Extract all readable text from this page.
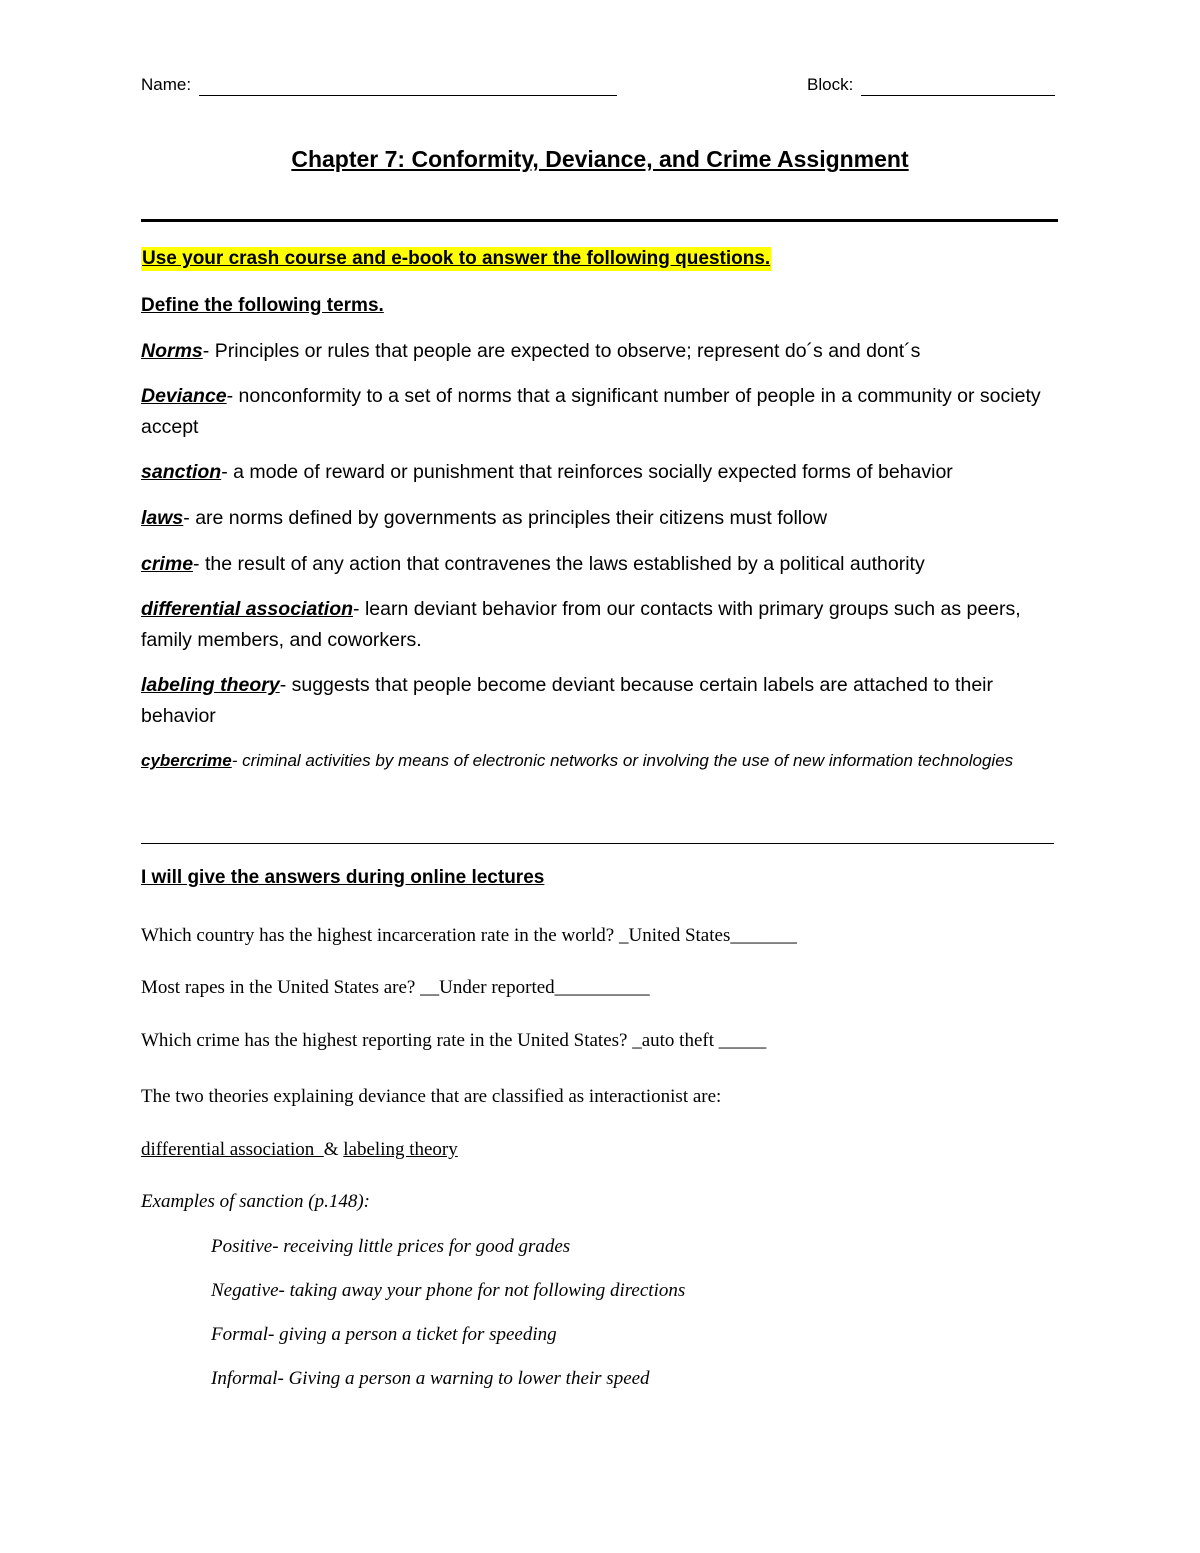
Name:	Block:
Chapter 7: Conformity, Deviance, and Crime Assignment
Use your crash course and e-book to answer the following questions.
Define the following terms.
Norms- Principles or rules that people are expected to observe; represent do´s and dont´s
Deviance- nonconformity to a set of norms that a significant number of people in a community or society accept
sanction- a mode of reward or punishment that reinforces socially expected forms of behavior
laws- are norms defined by governments as principles their citizens must follow
crime- the result of any action that contravenes the laws established by a political authority
differential association- learn deviant behavior from our contacts with primary groups such as peers, family members, and coworkers.
labeling theory- suggests that people become deviant because certain labels are attached to their behavior
cybercrime- criminal activities by means of electronic networks or involving the use of new information technologies
I will give the answers during online lectures
Which country has the highest incarceration rate in the world? _United States_______
Most rapes in the United States are? __Under reported__________
Which crime has the highest reporting rate in the United States? _auto theft _____
The two theories explaining deviance that are classified as interactionist are:
differential association  & labeling theory
Examples of sanction (p.148):
Positive- receiving little prices for good grades
Negative- taking away your phone for not following directions
Formal- giving a person a ticket for speeding
Informal- Giving a person a warning to lower their speed
